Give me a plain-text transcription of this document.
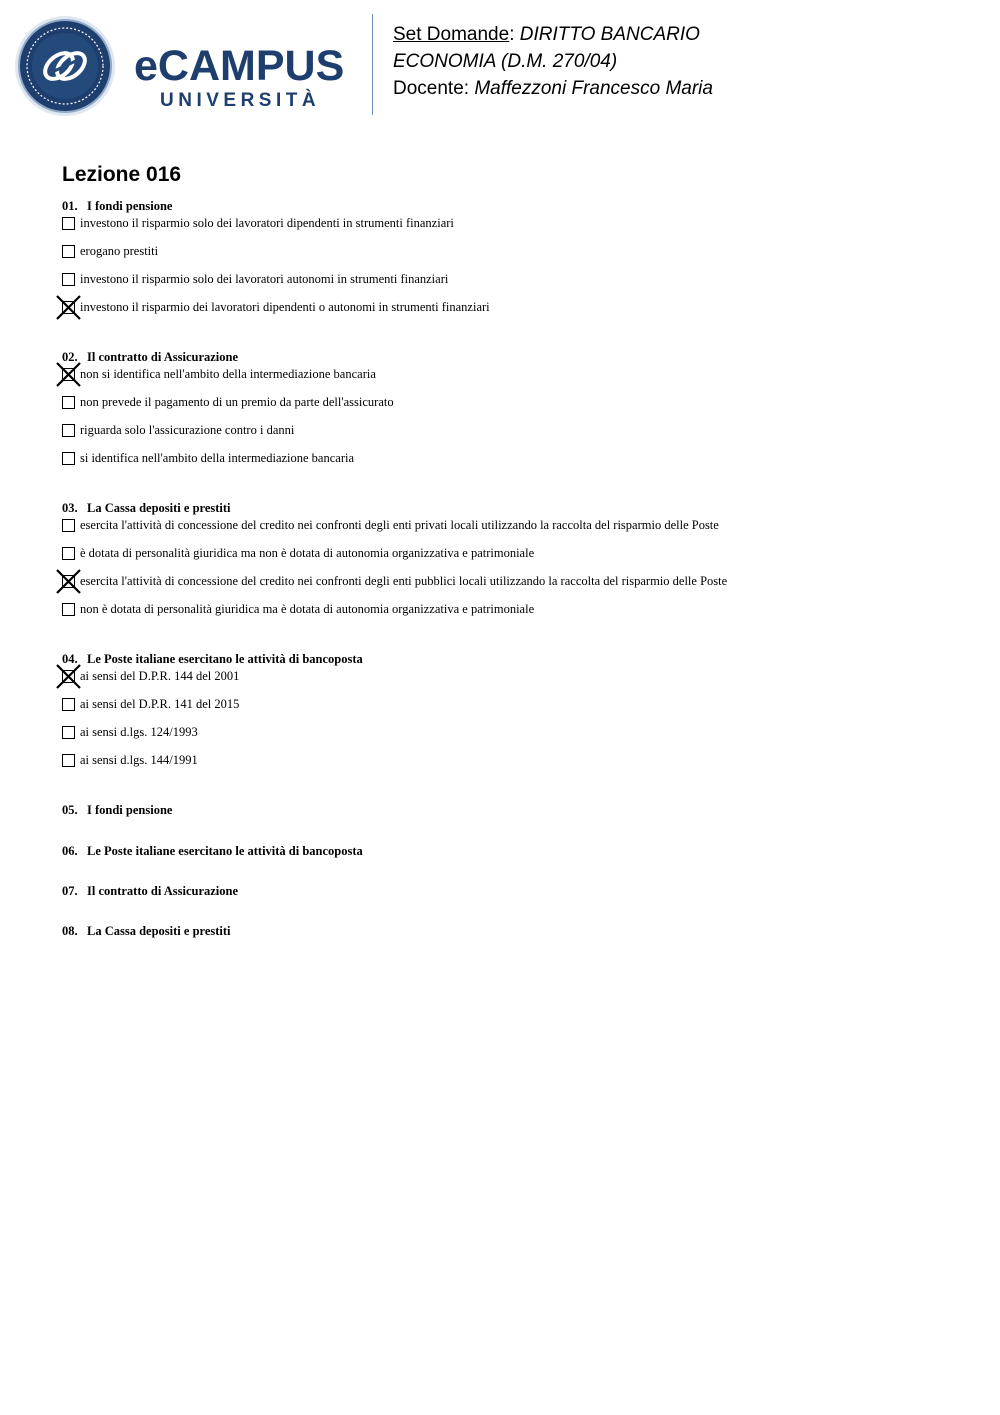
eCAMPUS
UNIVERSITÀ
Set Domande: DIRITTO BANCARIO
ECONOMIA (D.M. 270/04)
Docente: Maffezzoni Francesco Maria
Lezione 016
01. I fondi pensione
investono il risparmio solo dei lavoratori dipendenti in strumenti finanziari
erogano prestiti
investono il risparmio solo dei lavoratori autonomi in strumenti finanziari
investono il risparmio dei lavoratori dipendenti o autonomi in strumenti finanziari
02. Il contratto di Assicurazione
non si identifica nell'ambito della intermediazione bancaria
non prevede il pagamento di un premio da parte dell'assicurato
riguarda solo l'assicurazione contro i danni
si identifica nell'ambito della intermediazione bancaria
03. La Cassa depositi e prestiti
esercita l'attività di concessione del credito nei confronti degli enti privati locali utilizzando la raccolta del risparmio delle Poste
è dotata di personalità giuridica ma non è dotata di autonomia organizzativa e patrimoniale
esercita l'attività di concessione del credito nei confronti degli enti pubblici locali utilizzando la raccolta del risparmio delle Poste
non è dotata di personalità giuridica ma è dotata di autonomia organizzativa e patrimoniale
04. Le Poste italiane esercitano le attività di bancoposta
ai sensi del D.P.R. 144 del 2001
ai sensi del D.P.R. 141 del 2015
ai sensi d.lgs. 124/1993
ai sensi d.lgs. 144/1991
05. I fondi pensione
06. Le Poste italiane esercitano le attività di bancoposta
07. Il contratto di Assicurazione
08. La Cassa depositi e prestiti
